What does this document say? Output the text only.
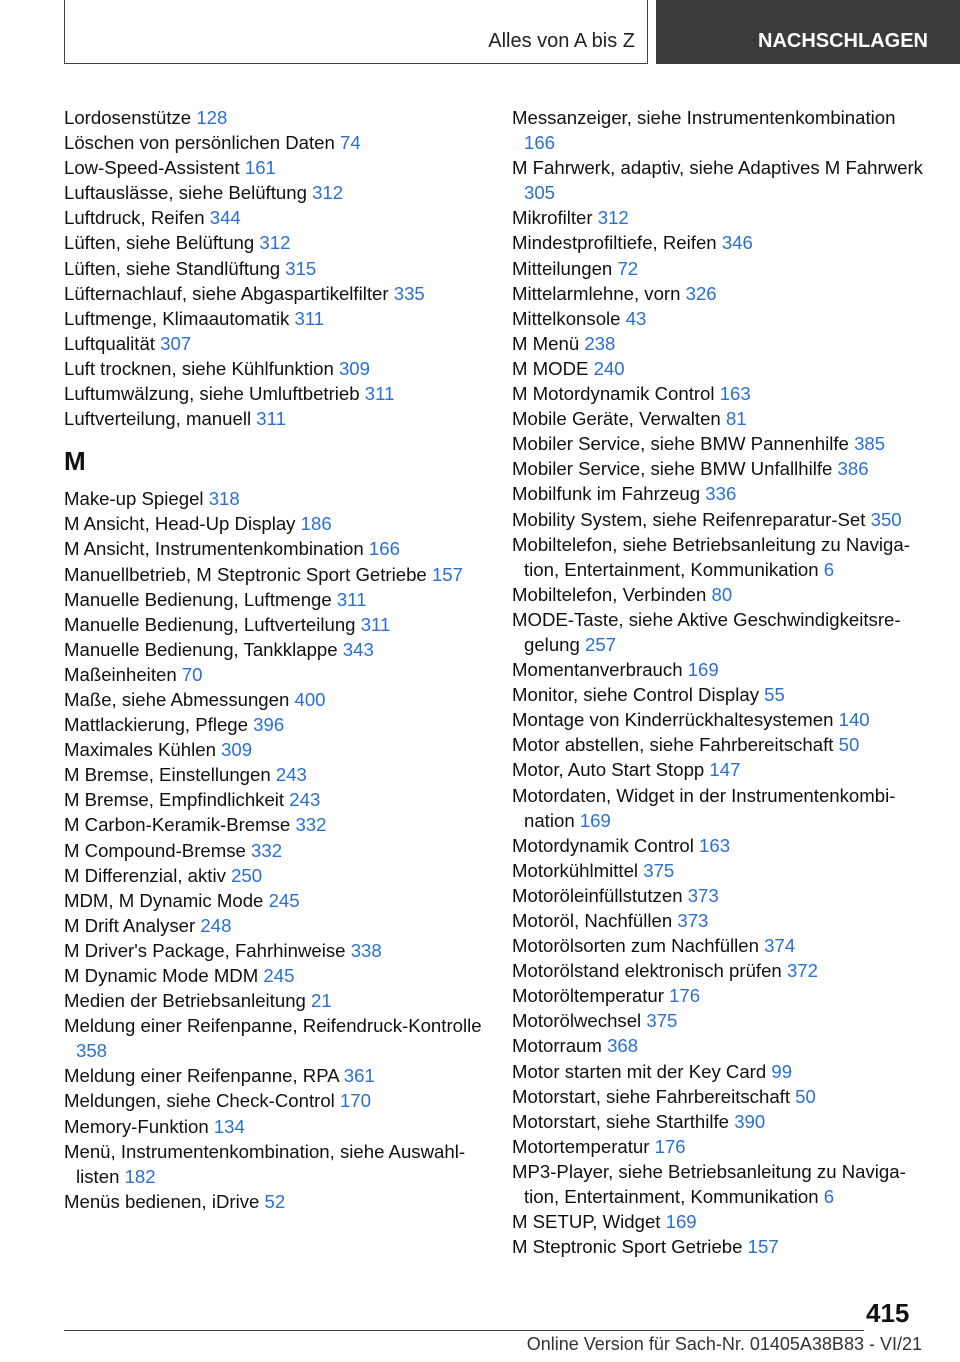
Alles von A bis Z	NACHSCHLAGEN
Lordosenstütze 128
Löschen von persönlichen Daten 74
Low-Speed-Assistent 161
Luftauslässe, siehe Belüftung 312
Luftdruck, Reifen 344
Lüften, siehe Belüftung 312
Lüften, siehe Standlüftung 315
Lüfternachlauf, siehe Abgaspartikelfilter 335
Luftmenge, Klimaautomatik 311
Luftqualität 307
Luft trocknen, siehe Kühlfunktion 309
Luftumwälzung, siehe Umluftbetrieb 311
Luftverteilung, manuell 311
M
Make-up Spiegel 318
M Ansicht, Head-Up Display 186
M Ansicht, Instrumentenkombination 166
Manuellbetrieb, M Steptronic Sport Getriebe 157
Manuelle Bedienung, Luftmenge 311
Manuelle Bedienung, Luftverteilung 311
Manuelle Bedienung, Tankklappe 343
Maßeinheiten 70
Maße, siehe Abmessungen 400
Mattlackierung, Pflege 396
Maximales Kühlen 309
M Bremse, Einstellungen 243
M Bremse, Empfindlichkeit 243
M Carbon-Keramik-Bremse 332
M Compound-Bremse 332
M Differenzial, aktiv 250
MDM, M Dynamic Mode 245
M Drift Analyser 248
M Driver's Package, Fahrhinweise 338
M Dynamic Mode MDM 245
Medien der Betriebsanleitung 21
Meldung einer Reifenpanne, Reifendruck-Kontrolle 358
Meldung einer Reifenpanne, RPA 361
Meldungen, siehe Check-Control 170
Memory-Funktion 134
Menü, Instrumentenkombination, siehe Auswahllisten 182
Menüs bedienen, iDrive 52
Messanzeiger, siehe Instrumentenkombination 166
M Fahrwerk, adaptiv, siehe Adaptives M Fahrwerk 305
Mikrofilter 312
Mindestprofiltiefe, Reifen 346
Mitteilungen 72
Mittelarmlehne, vorn 326
Mittelkonsole 43
M Menü 238
M MODE 240
M Motordynamik Control 163
Mobile Geräte, Verwalten 81
Mobiler Service, siehe BMW Pannenhilfe 385
Mobiler Service, siehe BMW Unfallhilfe 386
Mobilfunk im Fahrzeug 336
Mobility System, siehe Reifenreparatur-Set 350
Mobiltelefon, siehe Betriebsanleitung zu Navigation, Entertainment, Kommunikation 6
Mobiltelefon, Verbinden 80
MODE-Taste, siehe Aktive Geschwindigkeitsregelung 257
Momentanverbrauch 169
Monitor, siehe Control Display 55
Montage von Kinderrückhaltesystemen 140
Motor abstellen, siehe Fahrbereitschaft 50
Motor, Auto Start Stopp 147
Motordaten, Widget in der Instrumentenkombination 169
Motordynamik Control 163
Motorkühlmittel 375
Motoröleinfüllstutzen 373
Motoröl, Nachfüllen 373
Motorölsorten zum Nachfüllen 374
Motorölstand elektronisch prüfen 372
Motoröltemperatur 176
Motorölwechsel 375
Motorraum 368
Motor starten mit der Key Card 99
Motorstart, siehe Fahrbereitschaft 50
Motorstart, siehe Starthilfe 390
Motortemperatur 176
MP3-Player, siehe Betriebsanleitung zu Navigation, Entertainment, Kommunikation 6
M SETUP, Widget 169
M Steptronic Sport Getriebe 157
415
Online Version für Sach-Nr. 01405A38B83 - VI/21
